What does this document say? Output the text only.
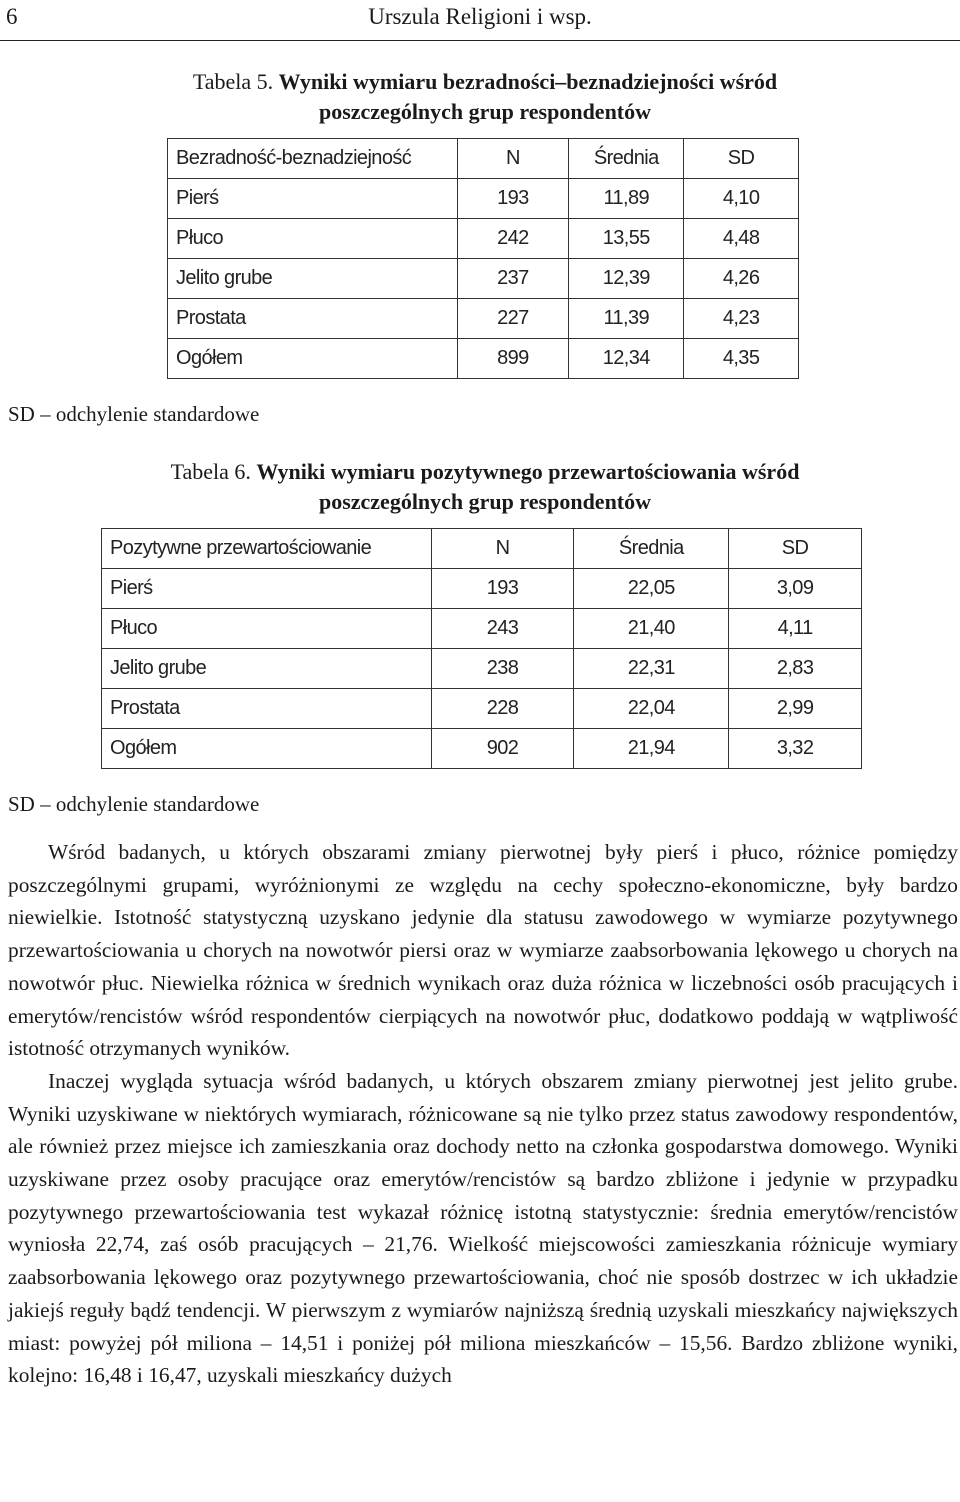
6	Urszula Religioni i wsp.
Tabela 5. Wyniki wymiaru bezradności–beznadziejności wśród poszczególnych grup respondentów
Bezradność-beznadziejność	N	Średnia	SD
Pierś	193	11,89	4,10
Płuco	242	13,55	4,48
Jelito grube	237	12,39	4,26
Prostata	227	11,39	4,23
Ogółem	899	12,34	4,35
SD – odchylenie standardowe
Tabela 6. Wyniki wymiaru pozytywnego przewartościowania wśród poszczególnych grup respondentów
Pozytywne przewartościowanie	N	Średnia	SD
Pierś	193	22,05	3,09
Płuco	243	21,40	4,11
Jelito grube	238	22,31	2,83
Prostata	228	22,04	2,99
Ogółem	902	21,94	3,32
SD – odchylenie standardowe

Wśród badanych, u których obszarami zmiany pierwotnej były pierś i płuco, różnice pomiędzy poszczególnymi grupami, wyróżnionymi ze względu na cechy społeczno-ekonomiczne, były bardzo niewielkie. Istotność statystyczną uzyskano jedynie dla statusu zawodowego w wymiarze pozytywnego przewartościowania u chorych na nowotwór piersi oraz w wymiarze zaabsorbowania lękowego u chorych na nowotwór płuc. Niewielka różnica w średnich wynikach oraz duża różnica w liczebności osób pracujących i emerytów/rencistów wśród respondentów cierpiących na nowotwór płuc, dodatkowo poddają w wątpliwość istotność otrzymanych wyników.

Inaczej wygląda sytuacja wśród badanych, u których obszarem zmiany pierwotnej jest jelito grube. Wyniki uzyskiwane w niektórych wymiarach, różnicowane są nie tylko przez status zawodowy respondentów, ale również przez miejsce ich zamieszkania oraz dochody netto na członka gospodarstwa domowego. Wyniki uzyskiwane przez osoby pracujące oraz emerytów/rencistów są bardzo zbliżone i jedynie w przypadku pozytywnego przewartościowania test wykazał różnicę istotną statystycznie: średnia emerytów/rencistów wyniosła 22,74, zaś osób pracujących – 21,76. Wielkość miejscowości zamieszkania różnicuje wymiary zaabsorbowania lękowego oraz pozytywnego przewartościowania, choć nie sposób dostrzec w ich układzie jakiejś reguły bądź tendencji. W pierwszym z wymiarów najniższą średnią uzyskali mieszkańcy największych miast: powyżej pół miliona – 14,51 i poniżej pół miliona mieszkańców – 15,56. Bardzo zbliżone wyniki, kolejno: 16,48 i 16,47, uzyskali mieszkańcy dużych
